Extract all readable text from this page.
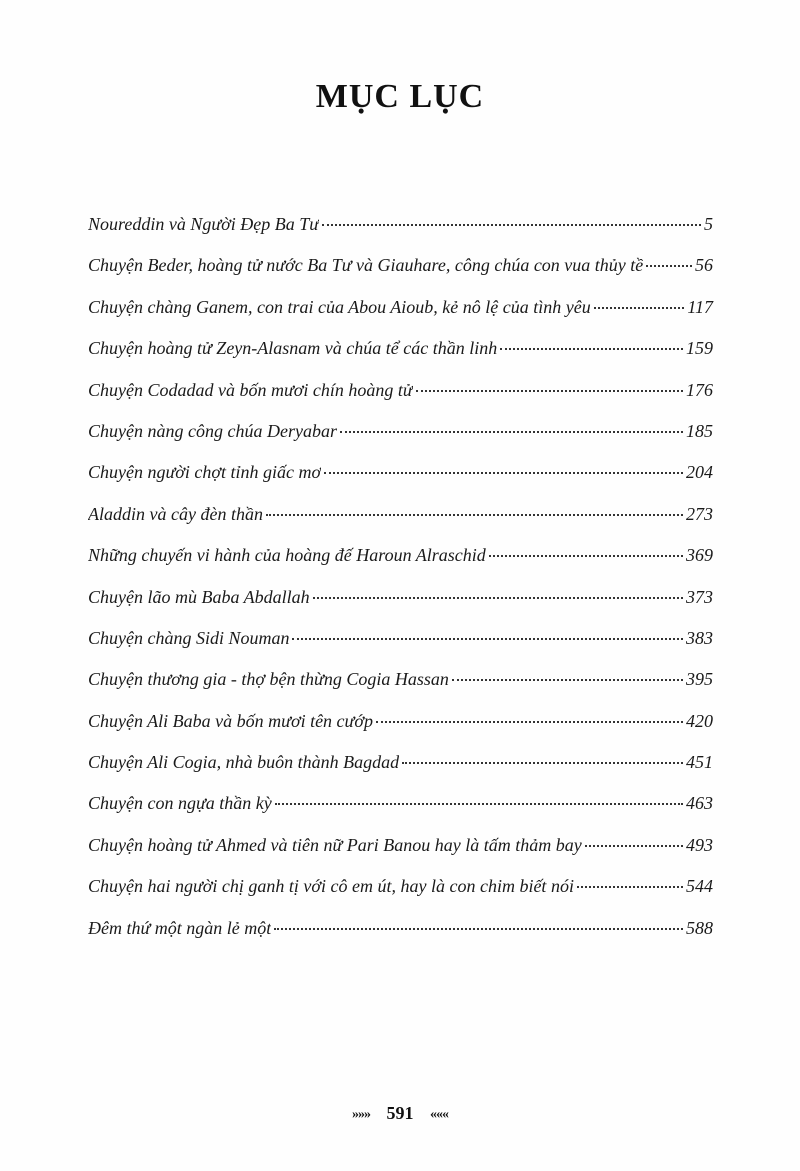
MỤC LỤC
Noureddin và Người Đẹp Ba Tư	5
Chuyện Beder, hoàng tử nước Ba Tư và Giauhare, công chúa con vua thủy tề	56
Chuyện chàng Ganem, con trai của Abou Aioub, kẻ nô lệ của tình yêu	117
Chuyện hoàng tử Zeyn-Alasnam và chúa tể các thần linh	159
Chuyện Codadad và bốn mươi chín hoàng tử	176
Chuyện nàng công chúa Deryabar	185
Chuyện người chợt tỉnh giấc mơ	204
Aladdin và cây đèn thần	273
Những chuyến vi hành của hoàng đế Haroun Alraschid	369
Chuyện lão mù Baba Abdallah	373
Chuyện chàng Sidi Nouman	383
Chuyện thương gia - thợ bện thừng Cogia Hassan	395
Chuyện Ali Baba và bốn mươi tên cướp	420
Chuyện Ali Cogia, nhà buôn thành Bagdad	451
Chuyện con ngựa thần kỳ	463
Chuyện hoàng tử Ahmed và tiên nữ Pari Banou hay là tấm thảm bay	493
Chuyện hai người chị ganh tị với cô em út, hay là con chim biết nói	544
Đêm thứ một ngàn lẻ một	588
»»» 591 «««
